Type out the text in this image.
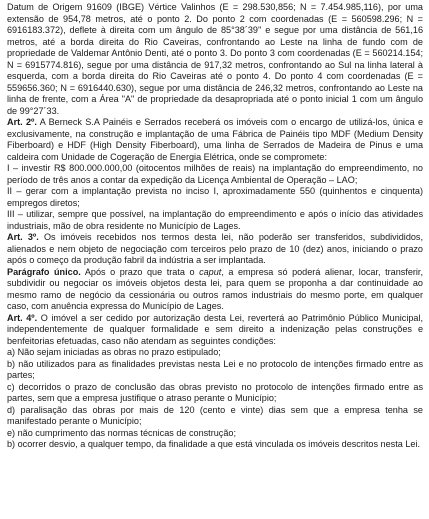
Datum de Origem 91609 (IBGE) Vértice Valinhos (E = 298.530,856; N = 7.454.985,116), por uma extensão de 954,78 metros, até o ponto 2. Do ponto 2 com coordenadas (E = 560598.296; N = 6916183.372), deflete à direita com um ângulo de 85°38´39'' e segue por uma distância de 561,16 metros, até a borda direita do Rio Caveiras, confrontando ao Leste na linha de fundo com de propriedade de Valdemar Antônio Denti, até o ponto 3. Do ponto 3 com coordenadas (E = 560214.154; N = 6915774.816), segue por uma distância de 917,32 metros, confrontando ao Sul na linha lateral à esquerda, com a borda direita do Rio Caveiras até o ponto 4. Do ponto 4 com coordenadas (E = 559656.360; N = 6916440.630), segue por uma distância de 246,32 metros, confrontando ao Leste na linha de frente, com a Área "A" de propriedade da desapropriada até o ponto inicial 1 com um ângulo de 99°27´33.

Art. 2º. A Berneck S.A Painéis e Serrados receberá os imóveis com o encargo de utilizá-los, única e exclusivamente, na construção e implantação de uma Fábrica de Painéis tipo MDF (Medium Density Fiberboard) e HDF (High Density Fiberboard), uma linha de Serrados de Madeira de Pinus e uma caldeira com Unidade de Cogeração de Energia Elétrica, onde se compromete:

I – investir R$ 800.000.000,00 (oitocentos milhões de reais) na implantação do empreendimento, no período de três anos a contar da expedição da Licença Ambiental de Operação – LAO;

II – gerar com a implantação prevista no inciso I, aproximadamente 550 (quinhentos e cinquenta) empregos diretos;

III – utilizar, sempre que possível, na implantação do empreendimento e após o início das atividades industriais, mão de obra residente no Município de Lages.

Art. 3º. Os imóveis recebidos nos termos desta lei, não poderão ser transferidos, subdivididos, alienados e nem objeto de negociação com terceiros pelo prazo de 10 (dez) anos, iniciando o prazo após o começo da produção fabril da indústria a ser implantada.

Parágrafo único. Após o prazo que trata o caput, a empresa só poderá alienar, locar, transferir, subdividir ou negociar os imóveis objetos desta lei, para quem se proponha a dar continuidade ao mesmo ramo de negócio da cessionária ou outros ramos industriais do mesmo porte, em qualquer caso, com anuência expressa do Município de Lages.

Art. 4º. O imóvel a ser cedido por autorização desta Lei, reverterá ao Patrimônio Público Municipal, independentemente de qualquer formalidade e sem direito a indenização pelas construções e benfeitorias efetuadas, caso não atendam as seguintes condições:

a) Não sejam iniciadas as obras no prazo estipulado;

b) não utilizados para as finalidades previstas nesta Lei e no protocolo de intenções firmado entre as partes;

c) decorridos o prazo de conclusão das obras previsto no protocolo de intenções firmado entre as partes, sem que a empresa justifique o atraso perante o Município;

d) paralisação das obras por mais de 120 (cento e vinte) dias sem que a empresa tenha se manifestado perante o Município;

e) não cumprimento das normas técnicas de construção;

b) ocorrer desvio, a qualquer tempo, da finalidade a que está vinculada os imóveis descritos nesta Lei.
